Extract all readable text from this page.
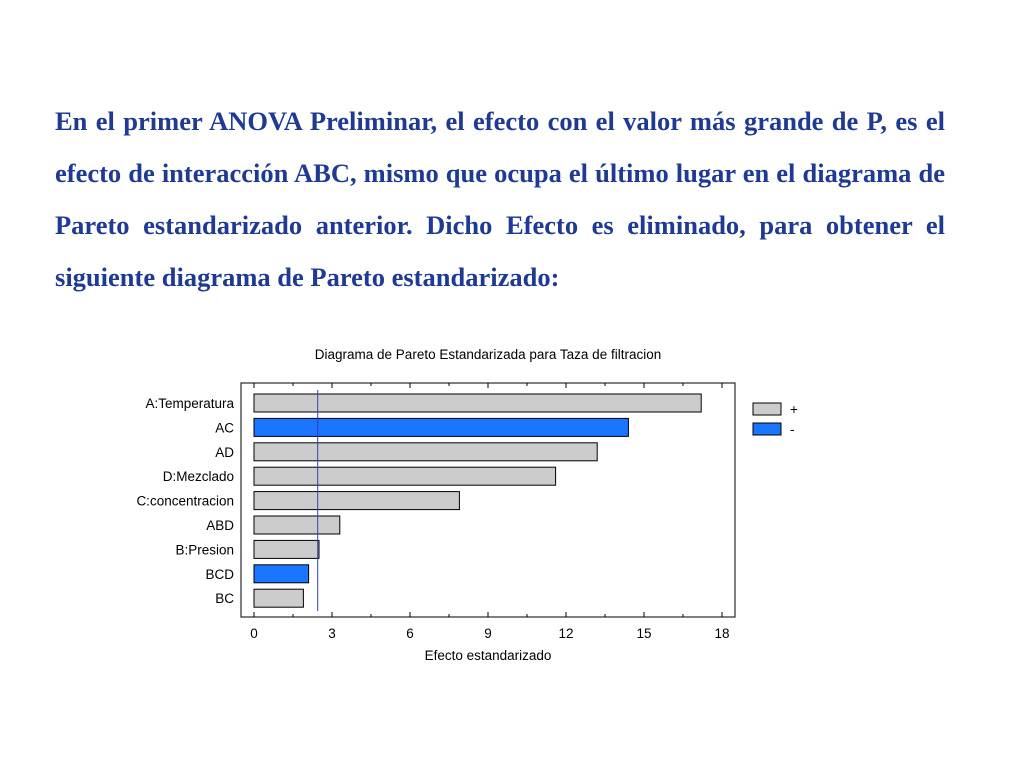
En el primer ANOVA Preliminar, el efecto con el valor más grande de P, es el efecto de interacción ABC, mismo que ocupa el último lugar en el diagrama de Pareto estandarizado anterior. Dicho Efecto es eliminado, para obtener el siguiente diagrama de Pareto estandarizado:

Diagrama de Pareto Estandarizada para Taza de filtracion
A:Temperatura
AC
AD
D:Mezclado
C:concentracion
ABD
B:Presion
BCD
BC
0	3	6	9	12	15	18
Efecto estandarizado
+
-
